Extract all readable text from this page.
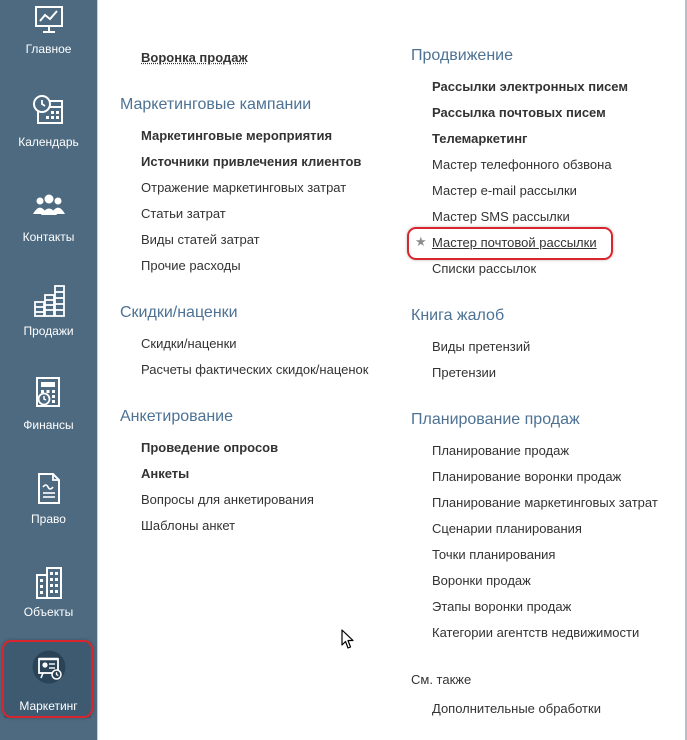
Главное
Календарь
Контакты
Продажи
Финансы
Право
Объекты
Маркетинг
Воронка продаж
Маркетинговые кампании
Маркетинговые мероприятия
Источники привлечения клиентов
Отражение маркетинговых затрат
Статьи затрат
Виды статей затрат
Прочие расходы
Скидки/наценки
Скидки/наценки
Расчеты фактических скидок/наценок
Анкетирование
Проведение опросов
Анкеты
Вопросы для анкетирования
Шаблоны анкет
Продвижение
Рассылки электронных писем
Рассылка почтовых писем
Телемаркетинг
Мастер телефонного обзвона
Мастер e-mail рассылки
Мастер SMS рассылки
★ Мастер почтовой рассылки
Списки рассылок
Книга жалоб
Виды претензий
Претензии
Планирование продаж
Планирование продаж
Планирование воронки продаж
Планирование маркетинговых затрат
Сценарии планирования
Точки планирования
Воронки продаж
Этапы воронки продаж
Категории агентств недвижимости
См. также
Дополнительные обработки
